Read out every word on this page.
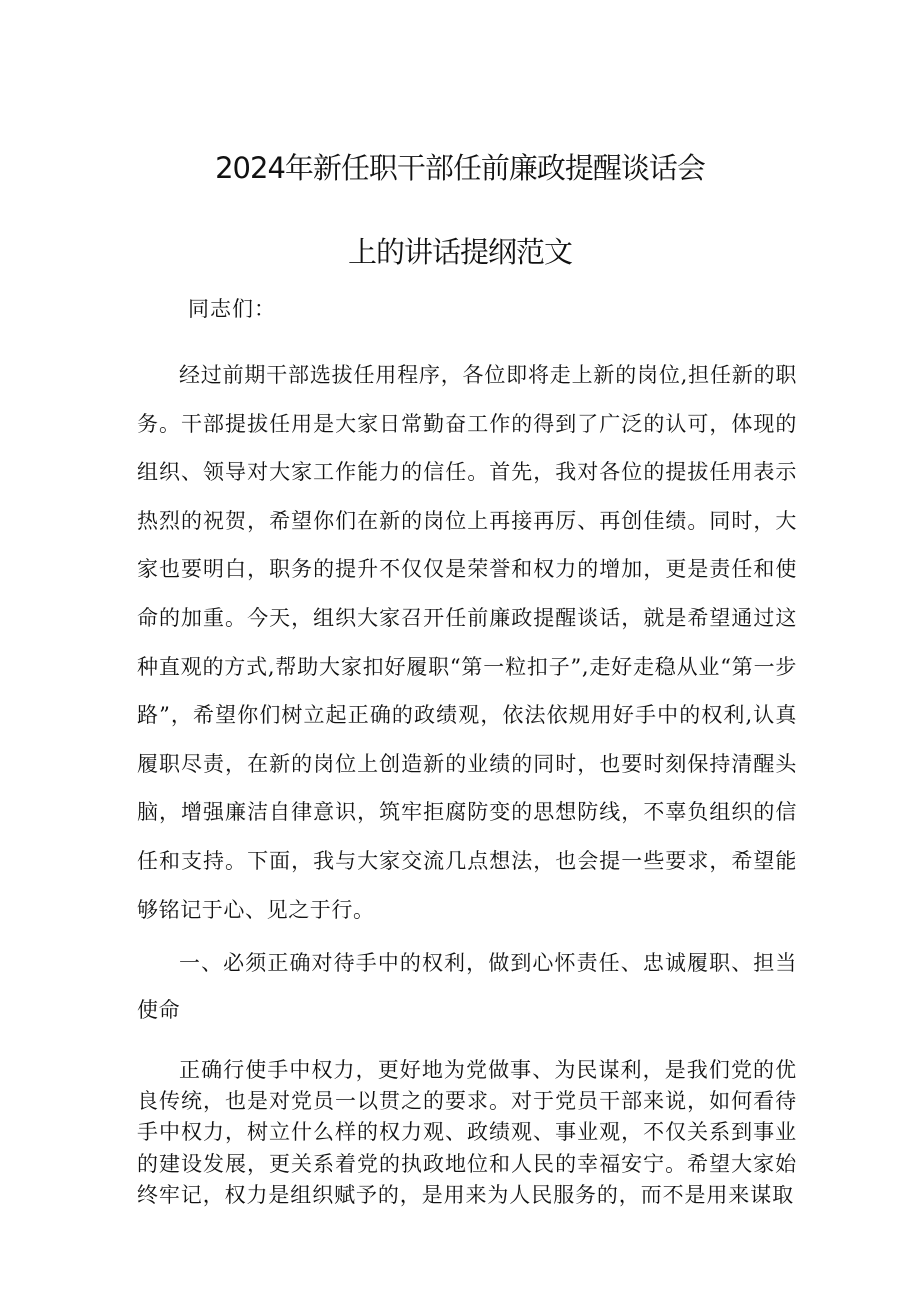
2024年新任职干部任前廉政提醒谈话会
上的讲话提纲范文
同志们：

经过前期干部选拔任用程序，各位即将走上新的岗位,担任新的职务。干部提拔任用是大家日常勤奋工作的得到了广泛的认可，体现的组织、领导对大家工作能力的信任。首先，我对各位的提拔任用表示热烈的祝贺，希望你们在新的岗位上再接再厉、再创佳绩。同时，大家也要明白，职务的提升不仅仅是荣誉和权力的增加，更是责任和使命的加重。今天，组织大家召开任前廉政提醒谈话，就是希望通过这种直观的方式,帮助大家扣好履职“第一粒扣子”,走好走稳从业“第一步路”，希望你们树立起正确的政绩观，依法依规用好手中的权利,认真履职尽责，在新的岗位上创造新的业绩的同时，也要时刻保持清醒头脑，增强廉洁自律意识，筑牢拒腐防变的思想防线，不辜负组织的信任和支持。下面，我与大家交流几点想法，也会提一些要求，希望能够铭记于心、见之于行。

一、必须正确对待手中的权利，做到心怀责任、忠诚履职、担当使命

正确行使手中权力，更好地为党做事、为民谋利，是我们党的优良传统，也是对党员一以贯之的要求。对于党员干部来说，如何看待手中权力，树立什么样的权力观、政绩观、事业观，不仅关系到事业的建设发展，更关系着党的执政地位和人民的幸福安宁。希望大家始终牢记，权力是组织赋予的，是用来为人民服务的，而不是用来谋取
